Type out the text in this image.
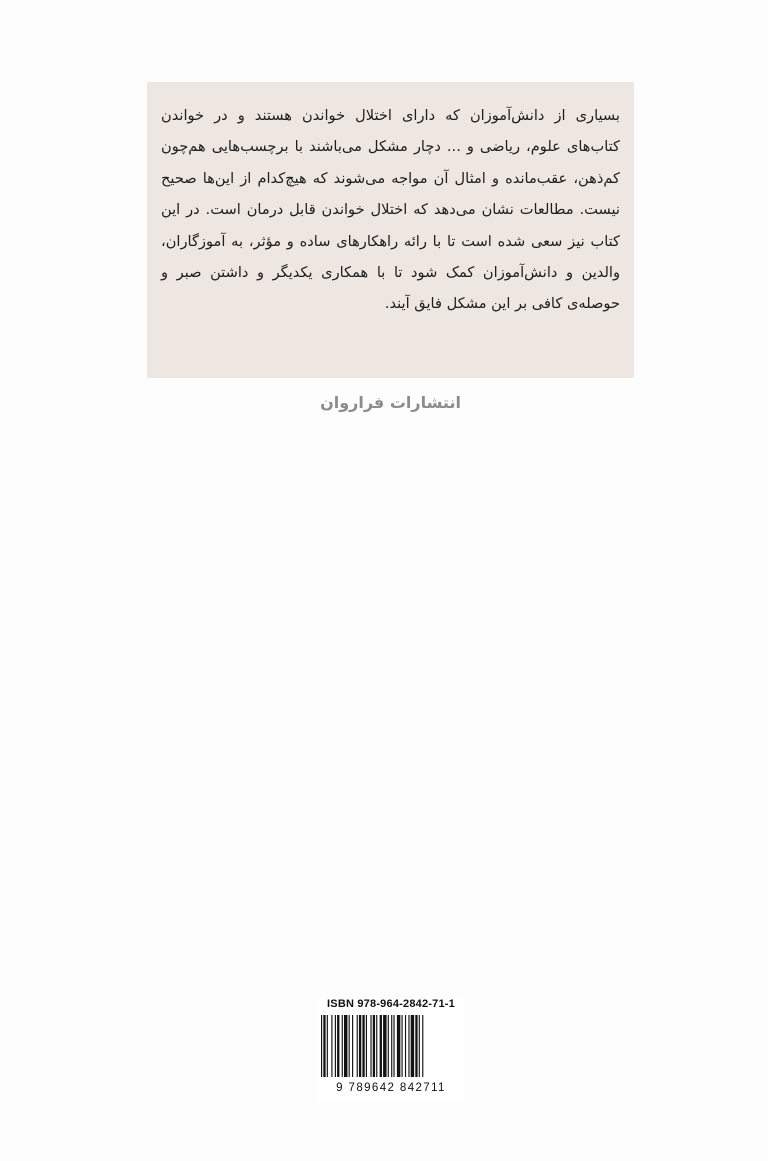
بسیاری از دانش‌آموزان که دارای اختلال خواندن هستند و در خواندن کتاب‌های علوم، ریاضی و ... دچار مشکل می‌باشند با برچسب‌هایی هم‌چون کم‌ذهن، عقب‌مانده و امثال آن مواجه می‌شوند که هیچ‌کدام از این‌ها صحیح نیست. مطالعات نشان می‌دهد که اختلال خواندن قابل درمان است. در این کتاب نیز سعی شده است تا با رائه راهکارهای ساده و مؤثر، به آموزگاران، والدین و دانش‌آموزان کمک شود تا با همکاری یکدیگر و داشتن صبر و حوصله‌ی کافی بر این مشکل فایق آیند.

انتشارات فراروان
ISBN 978-964-2842-71-1
9 789642 842711
